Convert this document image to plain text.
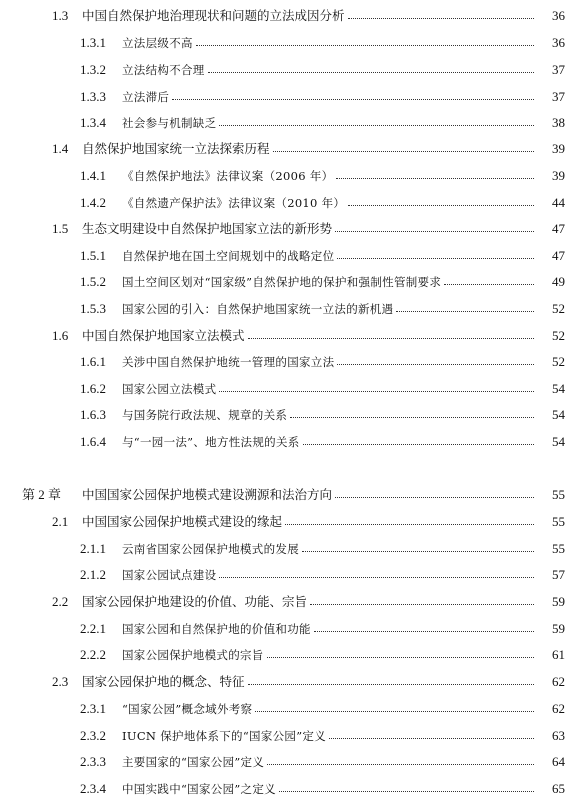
1.3 中国自然保护地治理现状和问题的立法成因分析	36
1.3.1 立法层级不高	36
1.3.2 立法结构不合理	37
1.3.3 立法滞后	37
1.3.4 社会参与机制缺乏	38
1.4 自然保护地国家统一立法探索历程	39
1.4.1 《自然保护地法》法律议案（2006 年）	39
1.4.2 《自然遗产保护法》法律议案（2010 年）	44
1.5 生态文明建设中自然保护地国家立法的新形势	47
1.5.1 自然保护地在国土空间规划中的战略定位	47
1.5.2 国土空间区划对“国家级”自然保护地的保护和强制性管制要求	49
1.5.3 国家公园的引入：自然保护地国家统一立法的新机遇	52
1.6 中国自然保护地国家立法模式	52
1.6.1 关涉中国自然保护地统一管理的国家立法	52
1.6.2 国家公园立法模式	54
1.6.3 与国务院行政法规、规章的关系	54
1.6.4 与“一园一法”、地方性法规的关系	54
第 2 章 中国国家公园保护地模式建设溯源和法治方向	55
2.1 中国国家公园保护地模式建设的缘起	55
2.1.1 云南省国家公园保护地模式的发展	55
2.1.2 国家公园试点建设	57
2.2 国家公园保护地建设的价值、功能、宗旨	59
2.2.1 国家公园和自然保护地的价值和功能	59
2.2.2 国家公园保护地模式的宗旨	61
2.3 国家公园保护地的概念、特征	62
2.3.1 “国家公园”概念域外考察	62
2.3.2 IUCN 保护地体系下的“国家公园”定义	63
2.3.3 主要国家的“国家公园”定义	64
2.3.4 中国实践中“国家公园”之定义	65
